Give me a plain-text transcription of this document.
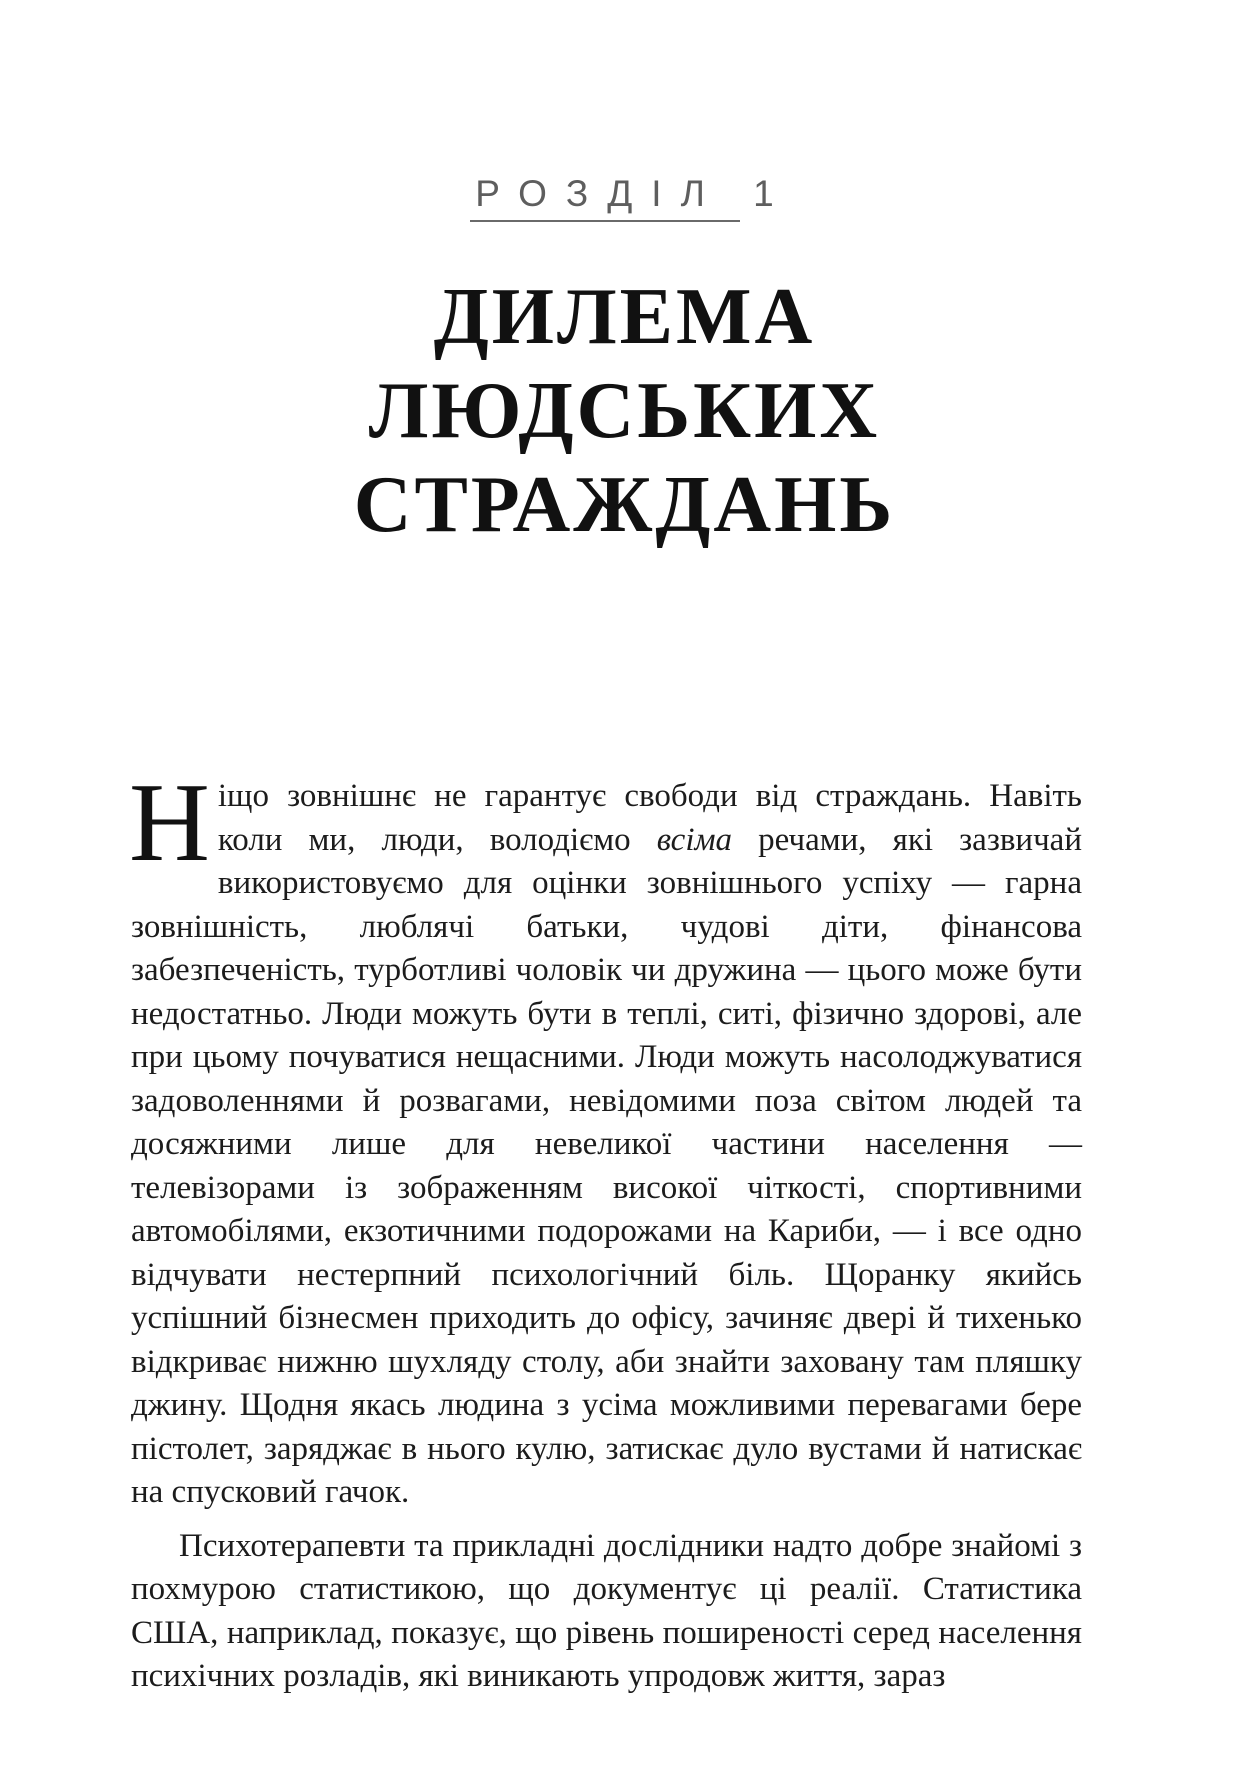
РОЗДІЛ 1
ДИЛЕМА
ЛЮДСЬКИХ
СТРАЖДАНЬ

Ніщо зовнішнє не гарантує свободи від страждань. Навіть коли ми, люди, володіємо всіма речами, які зазвичай використовуємо для оцінки зовнішнього успіху — гарна зовнішність, люблячі батьки, чудові діти, фінансова забезпеченість, турботливі чоловік чи дружина — цього може бути недостатньо. Люди можуть бути в теплі, ситі, фізично здорові, але при цьому почуватися нещасними. Люди можуть насолоджуватися задоволеннями й розвагами, невідомими поза світом людей та досяжними лише для невеликої частини населення — телевізорами із зображенням високої чіткості, спортивними автомобілями, екзотичними подорожами на Кариби, — і все одно відчувати нестерпний психологічний біль. Щоранку якийсь успішний бізнесмен приходить до офісу, зачиняє двері й тихенько відкриває нижню шухляду столу, аби знайти заховану там пляшку джину. Щодня якась людина з усіма можливими перевагами бере пістолет, заряджає в нього кулю, затискає дуло вустами й натискає на спусковий гачок.

Психотерапевти та прикладні дослідники надто добре знайомі з похмурою статистикою, що документує ці реалії. Статистика США, наприклад, показує, що рівень поширеності серед населення психічних розладів, які виникають упродовж життя, зараз
